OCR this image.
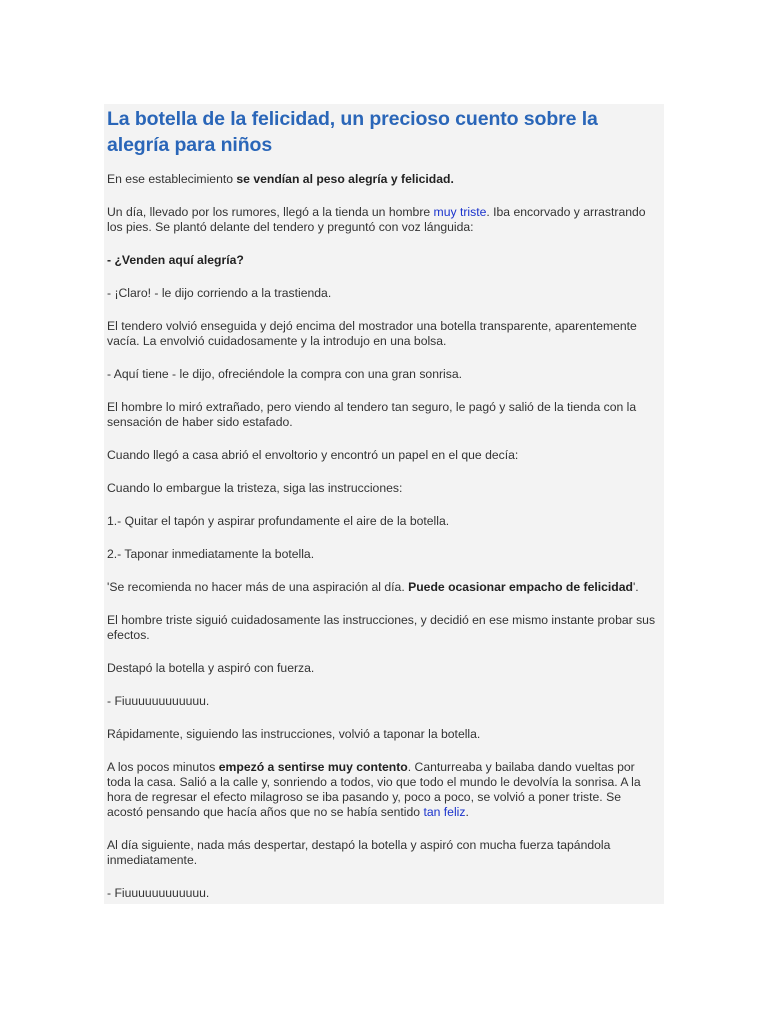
La botella de la felicidad, un precioso cuento sobre la alegría para niños

En ese establecimiento se vendían al peso alegría y felicidad.

Un día, llevado por los rumores, llegó a la tienda un hombre muy triste. Iba encorvado y arrastrando los pies. Se plantó delante del tendero y preguntó con voz lánguida:

- ¿Venden aquí alegría?

- ¡Claro! - le dijo corriendo a la trastienda.

El tendero volvió enseguida y dejó encima del mostrador una botella transparente, aparentemente vacía. La envolvió cuidadosamente y la introdujo en una bolsa.

- Aquí tiene - le dijo, ofreciéndole la compra con una gran sonrisa.

El hombre lo miró extrañado, pero viendo al tendero tan seguro, le pagó y salió de la tienda con la sensación de haber sido estafado.

Cuando llegó a casa abrió el envoltorio y encontró un papel en el que decía:

Cuando lo embargue la tristeza, siga las instrucciones:

1.- Quitar el tapón y aspirar profundamente el aire de la botella.

2.- Taponar inmediatamente la botella.

'Se recomienda no hacer más de una aspiración al día. Puede ocasionar empacho de felicidad'.

El hombre triste siguió cuidadosamente las instrucciones, y decidió en ese mismo instante probar sus efectos.

Destapó la botella y aspiró con fuerza.

- Fiuuuuuuuuuuuu.

Rápidamente, siguiendo las instrucciones, volvió a taponar la botella.

A los pocos minutos empezó a sentirse muy contento. Canturreaba y bailaba dando vueltas por toda la casa. Salió a la calle y, sonriendo a todos, vio que todo el mundo le devolvía la sonrisa. A la hora de regresar el efecto milagroso se iba pasando y, poco a poco, se volvió a poner triste. Se acostó pensando que hacía años que no se había sentido tan feliz.

Al día siguiente, nada más despertar, destapó la botella y aspiró con mucha fuerza tapándola inmediatamente.

- Fiuuuuuuuuuuuu.
